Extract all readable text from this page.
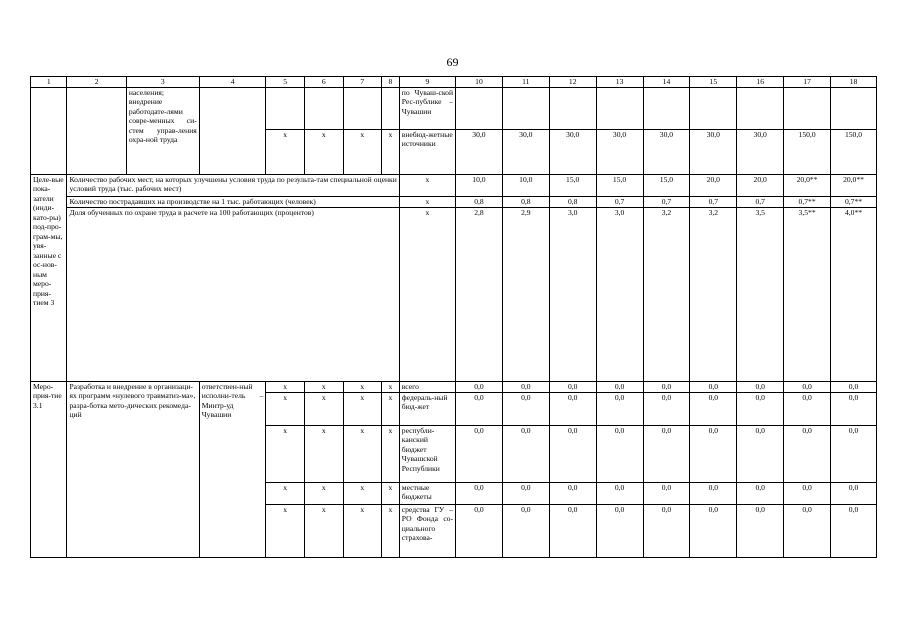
69
1	2	3	4	5	6	7	8	9	10	11	12	13	14	15	16	17	18
		населения; внедрение работодате-лями совре-менных си-стем управ-ления охра-ной труда						по Чуваш-ской Рес-публике – Чувашии									
				x	x	x	x	внебюд-жетные источники	30,0	30,0	30,0	30,0	30,0	30,0	30,0	150,0	150,0
Целе-вые пока-затели (инди-като-ры) под-про-грам-мы, увя-занные с ос-нов-ным меро-прия-тием 3	Количество рабочих мест, на которых улучшены условия труда по результа-там специальной оценки условий труда (тыс. рабочих мест)							x	10,0	10,0	15,0	15,0	15,0	20,0	20,0	20,0**	20,0**
	Количество пострадавших на производстве на 1 тыс. работающих (человек)							x	0,8	0,8	0,8	0,7	0,7	0,7	0,7	0,7**	0,7**
	Доля обученных по охране труда в расчете на 100 работающих (процентов)							x	2,8	2,9	3,0	3,0	3,2	3,2	3,5	3,5**	4,0**
Меро-прия-тие 3.1	Разработка и внедрение в организаци-ях программ «нулевого травматиз-ма», разра-ботка мето-дических рекомеда-ций		ответствен-ный исполни-тель – Минтр-уд Чувашии	x	x	x	x	всего	0,0	0,0	0,0	0,0	0,0	0,0	0,0	0,0	0,0
				x	x	x	x	федераль-ный бюд-жет	0,0	0,0	0,0	0,0	0,0	0,0	0,0	0,0	0,0
				x	x	x	x	республи-канский бюджет Чувашской Республики	0,0	0,0	0,0	0,0	0,0	0,0	0,0	0,0	0,0
				x	x	x	x	местные бюджеты	0,0	0,0	0,0	0,0	0,0	0,0	0,0	0,0	0,0
				x	x	x	x	средства ГУ – РО Фонда со-циального страхова-	0,0	0,0	0,0	0,0	0,0	0,0	0,0	0,0	0,0
